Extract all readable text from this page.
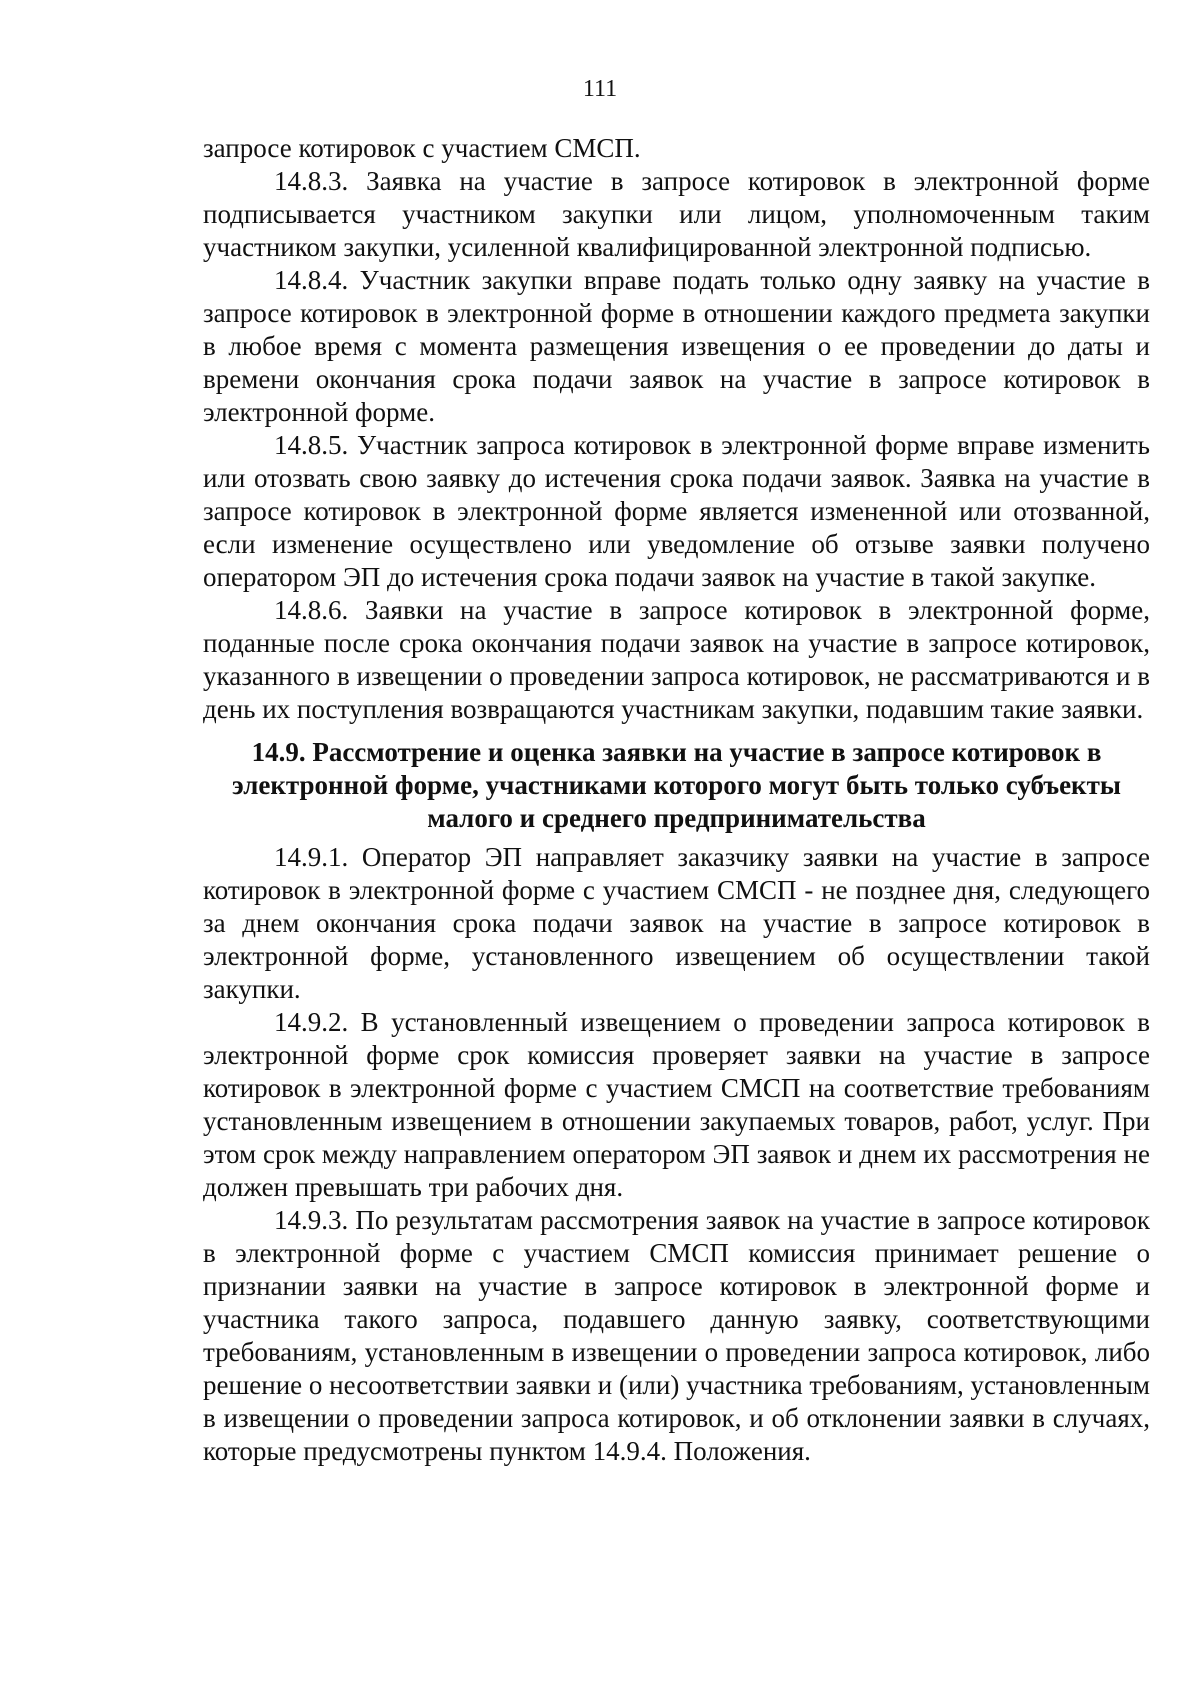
111

запросе котировок с участием СМСП.

14.8.3. Заявка на участие в запросе котировок в электронной форме подписывается участником закупки или лицом, уполномоченным таким участником закупки, усиленной квалифицированной электронной подписью.

14.8.4. Участник закупки вправе подать только одну заявку на участие в запросе котировок в электронной форме в отношении каждого предмета закупки в любое время с момента размещения извещения о ее проведении до даты и времени окончания срока подачи заявок на участие в запросе котировок в электронной форме.

14.8.5. Участник запроса котировок в электронной форме вправе изменить или отозвать свою заявку до истечения срока подачи заявок. Заявка на участие в запросе котировок в электронной форме является измененной или отозванной, если изменение осуществлено или уведомление об отзыве заявки получено оператором ЭП до истечения срока подачи заявок на участие в такой закупке.

14.8.6. Заявки на участие в запросе котировок в электронной форме, поданные после срока окончания подачи заявок на участие в запросе котировок, указанного в извещении о проведении запроса котировок, не рассматриваются и в день их поступления возвращаются участникам закупки, подавшим такие заявки.

14.9. Рассмотрение и оценка заявки на участие в запросе котировок в
электронной форме, участниками которого могут быть только субъекты
малого и среднего предпринимательства

14.9.1. Оператор ЭП направляет заказчику заявки на участие в запросе котировок в электронной форме с участием СМСП - не позднее дня, следующего за днем окончания срока подачи заявок на участие в запросе котировок в электронной форме, установленного извещением об осуществлении такой закупки.

14.9.2. В установленный извещением о проведении запроса котировок в электронной форме срок комиссия проверяет заявки на участие в запросе котировок в электронной форме с участием СМСП на соответствие требованиям установленным извещением в отношении закупаемых товаров, работ, услуг. При этом срок между направлением оператором ЭП заявок и днем их рассмотрения не должен превышать три рабочих дня.

14.9.3. По результатам рассмотрения заявок на участие в запросе котировок в электронной форме с участием СМСП комиссия принимает решение о признании заявки на участие в запросе котировок в электронной форме и участника такого запроса, подавшего данную заявку, соответствующими требованиям, установленным в извещении о проведении запроса котировок, либо решение о несоответствии заявки и (или) участника требованиям, установленным в извещении о проведении запроса котировок, и об отклонении заявки в случаях, которые предусмотрены пунктом 14.9.4. Положения.
